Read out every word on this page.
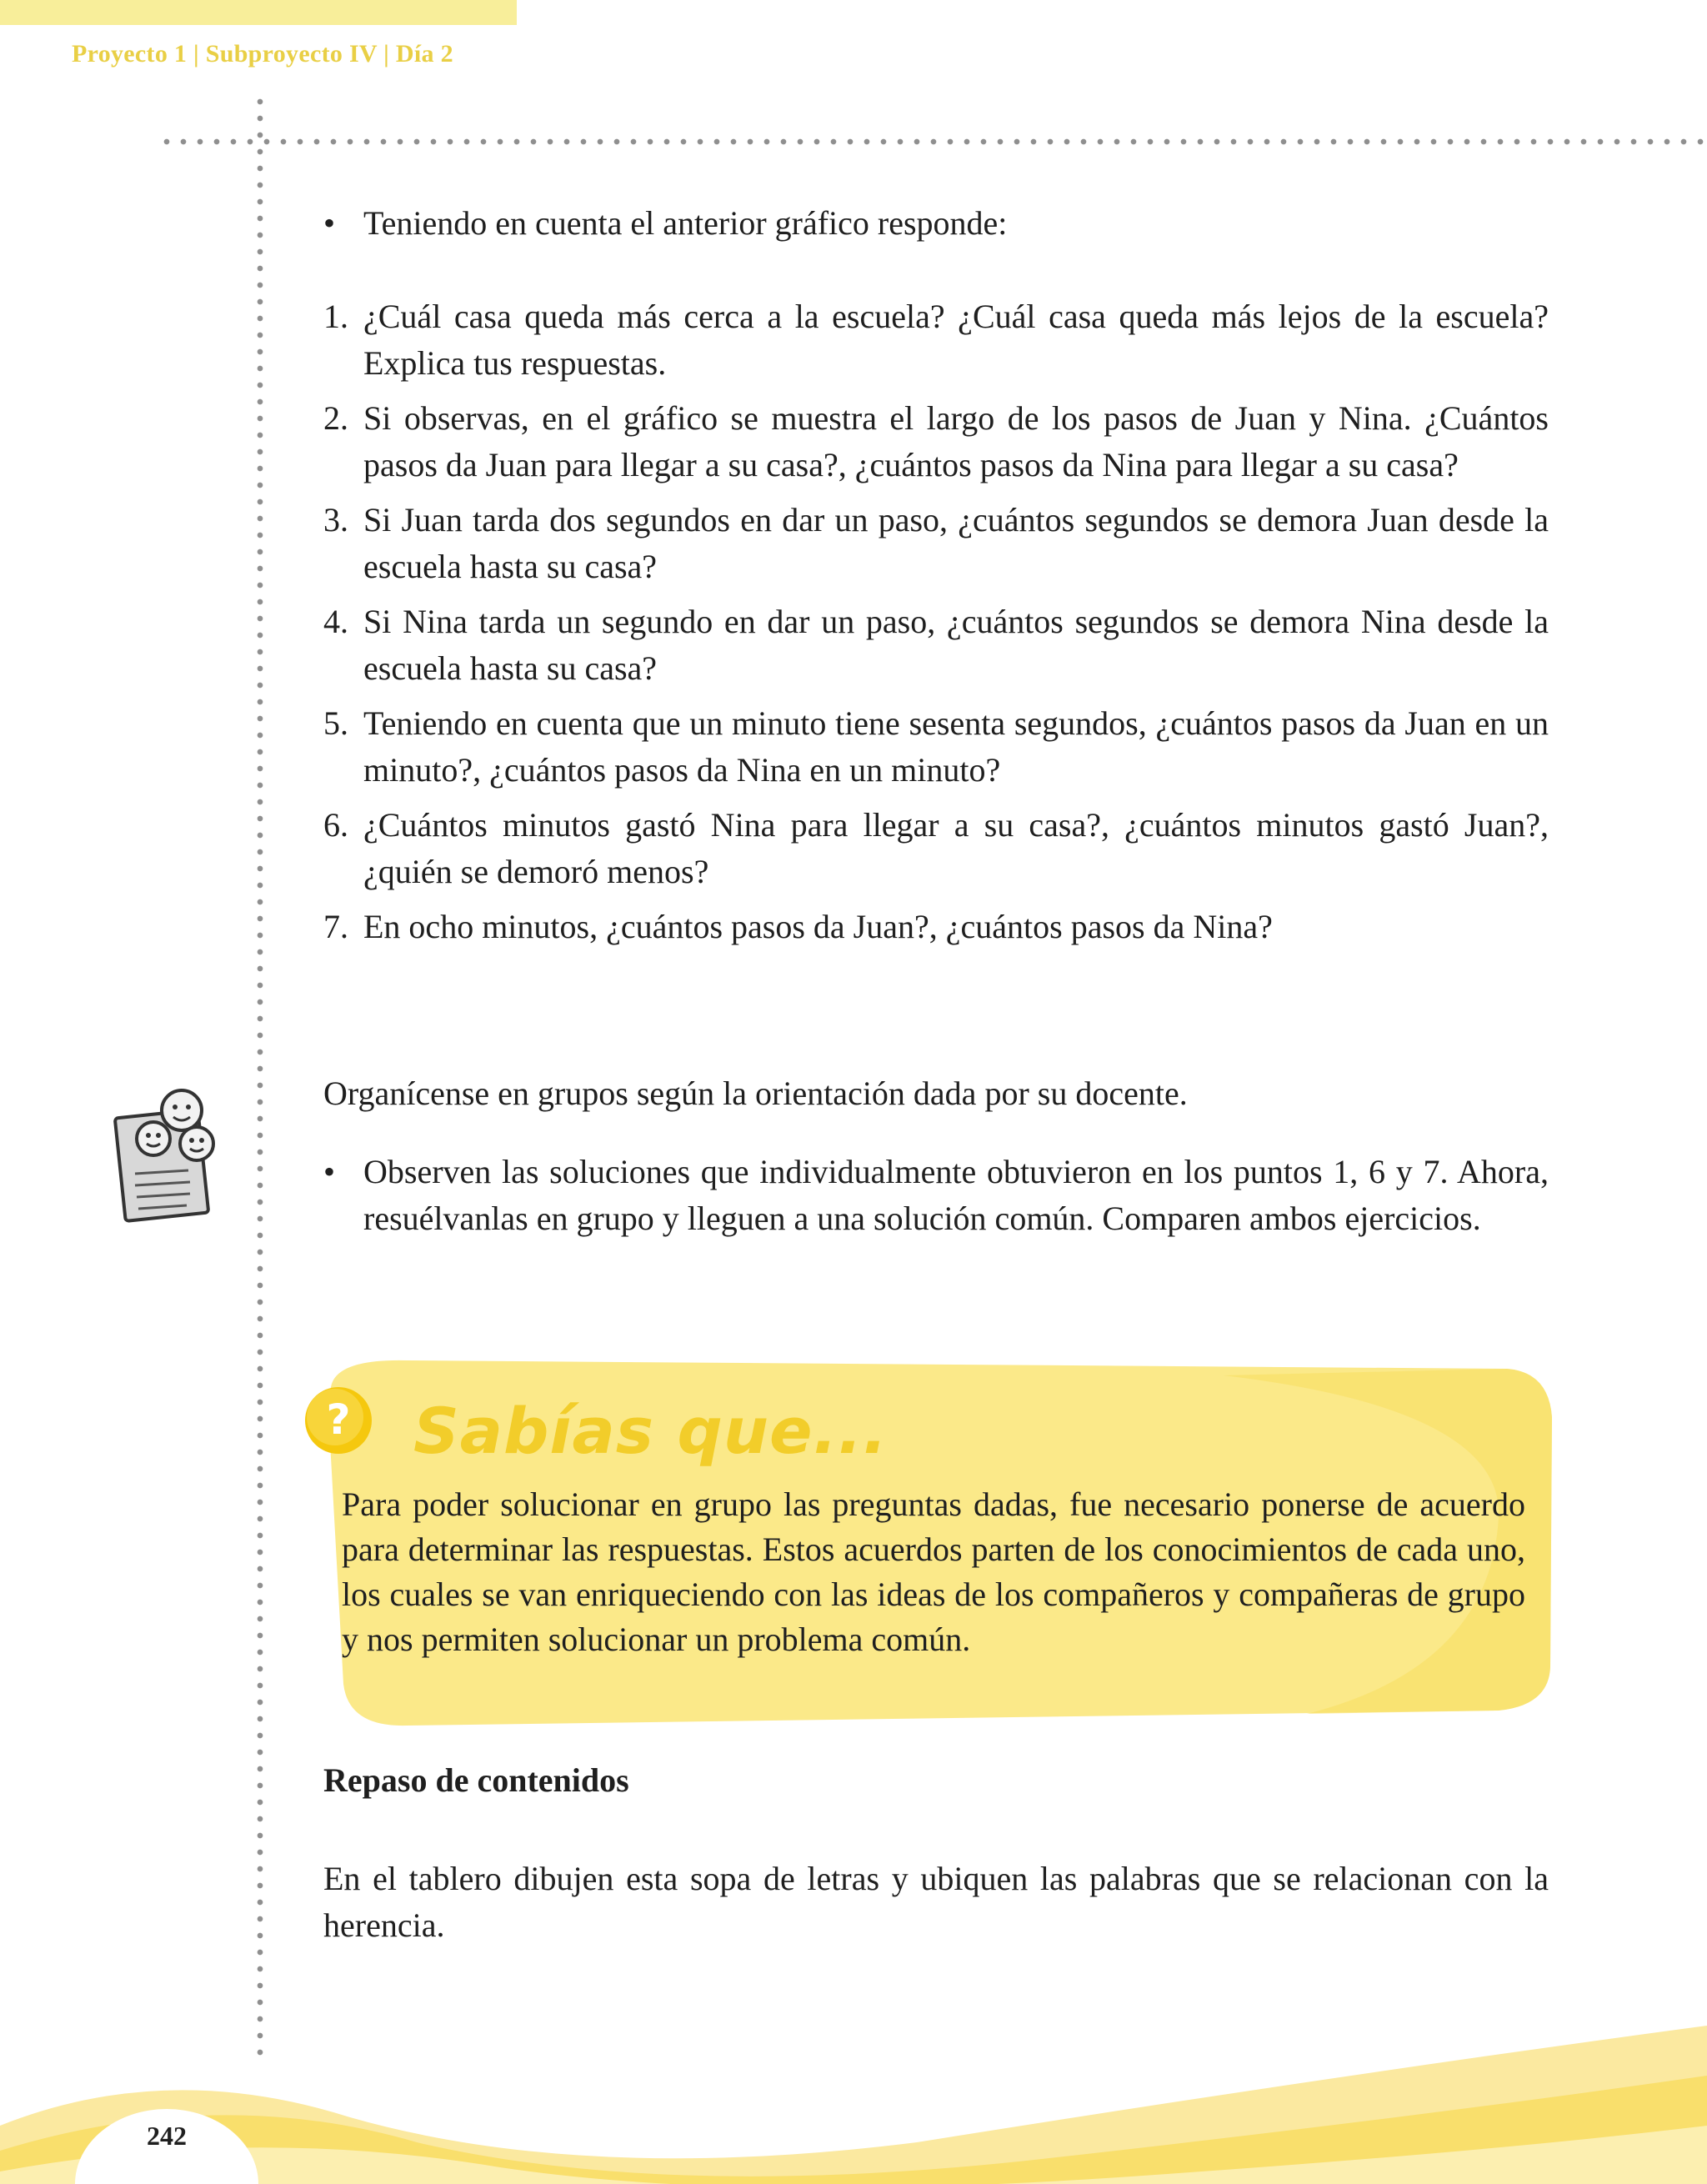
Proyecto 1 | Subproyecto IV | Día 2
• Teniendo en cuenta el anterior gráfico responde:
1. ¿Cuál casa queda más cerca a la escuela? ¿Cuál casa queda más lejos de la escuela? Explica tus respuestas.
2. Si observas, en el gráfico se muestra el largo de los pasos de Juan y Nina. ¿Cuántos pasos da Juan para llegar a su casa?, ¿cuántos pasos da Nina para llegar a su casa?
3. Si Juan tarda dos segundos en dar un paso, ¿cuántos segundos se demora Juan desde la escuela hasta su casa?
4. Si Nina tarda un segundo en dar un paso, ¿cuántos segundos se demora Nina desde la escuela hasta su casa?
5. Teniendo en cuenta que un minuto tiene sesenta segundos, ¿cuántos pasos da Juan en un minuto?, ¿cuántos pasos da Nina en un minuto?
6. ¿Cuántos minutos gastó Nina para llegar a su casa?, ¿cuántos minutos gastó Juan?, ¿quién se demoró menos?
7. En ocho minutos, ¿cuántos pasos da Juan?, ¿cuántos pasos da Nina?
Organícense en grupos según la orientación dada por su docente.
• Observen las soluciones que individualmente obtuvieron en los puntos 1, 6 y 7. Ahora, resuélvanlas en grupo y lleguen a una solución común. Comparen ambos ejercicios.
? Sabías que...
Para poder solucionar en grupo las preguntas dadas, fue necesario ponerse de acuerdo para determinar las respuestas. Estos acuerdos parten de los conocimientos de cada uno, los cuales se van enriqueciendo con las ideas de los compañeros y compañeras de grupo y nos permiten solucionar un problema común.
Repaso de contenidos
En el tablero dibujen esta sopa de letras y ubiquen las palabras que se relacionan con la herencia.
242
